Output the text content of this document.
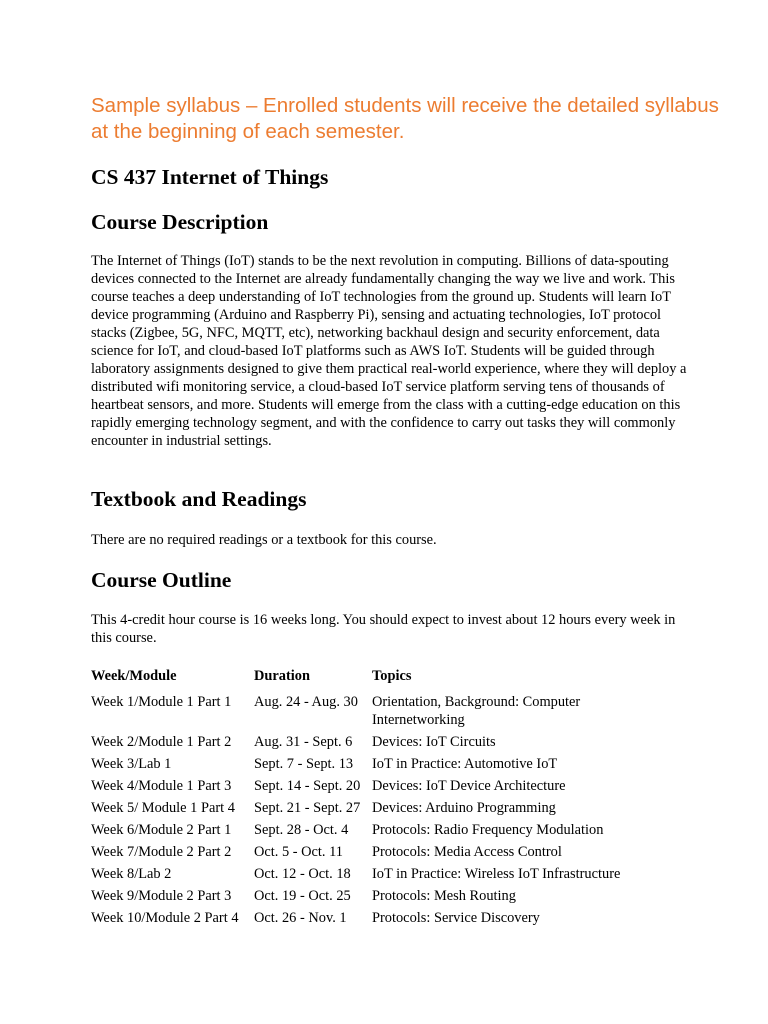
Sample syllabus – Enrolled students will receive the detailed syllabus at the beginning of each semester.
CS 437 Internet of Things
Course Description

The Internet of Things (IoT) stands to be the next revolution in computing. Billions of data-spouting devices connected to the Internet are already fundamentally changing the way we live and work. This course teaches a deep understanding of IoT technologies from the ground up. Students will learn IoT device programming (Arduino and Raspberry Pi), sensing and actuating technologies, IoT protocol stacks (Zigbee, 5G, NFC, MQTT, etc), networking backhaul design and security enforcement, data science for IoT, and cloud-based IoT platforms such as AWS IoT. Students will be guided through laboratory assignments designed to give them practical real-world experience, where they will deploy a distributed wifi monitoring service, a cloud-based IoT service platform serving tens of thousands of heartbeat sensors, and more. Students will emerge from the class with a cutting-edge education on this rapidly emerging technology segment, and with the confidence to carry out tasks they will commonly encounter in industrial settings.

Textbook and Readings

There are no required readings or a textbook for this course.

Course Outline

This 4-credit hour course is 16 weeks long. You should expect to invest about 12 hours every week in this course.

Week/Module	Duration	Topics
Week 1/Module 1 Part 1	Aug. 24 - Aug. 30	Orientation, Background: Computer Internetworking
Week 2/Module 1 Part 2	Aug. 31 - Sept. 6	Devices: IoT Circuits
Week 3/Lab 1	Sept. 7 - Sept. 13	IoT in Practice: Automotive IoT
Week 4/Module 1 Part 3	Sept. 14 - Sept. 20	Devices: IoT Device Architecture
Week 5/ Module 1 Part 4	Sept. 21 - Sept. 27	Devices: Arduino Programming
Week 6/Module 2 Part 1	Sept. 28 - Oct. 4	Protocols: Radio Frequency Modulation
Week 7/Module 2 Part 2	Oct. 5 - Oct. 11	Protocols: Media Access Control
Week 8/Lab 2	Oct. 12 - Oct. 18	IoT in Practice: Wireless IoT Infrastructure
Week 9/Module 2 Part 3	Oct. 19 - Oct. 25	Protocols: Mesh Routing
Week 10/Module 2 Part 4	Oct. 26 - Nov. 1	Protocols: Service Discovery
